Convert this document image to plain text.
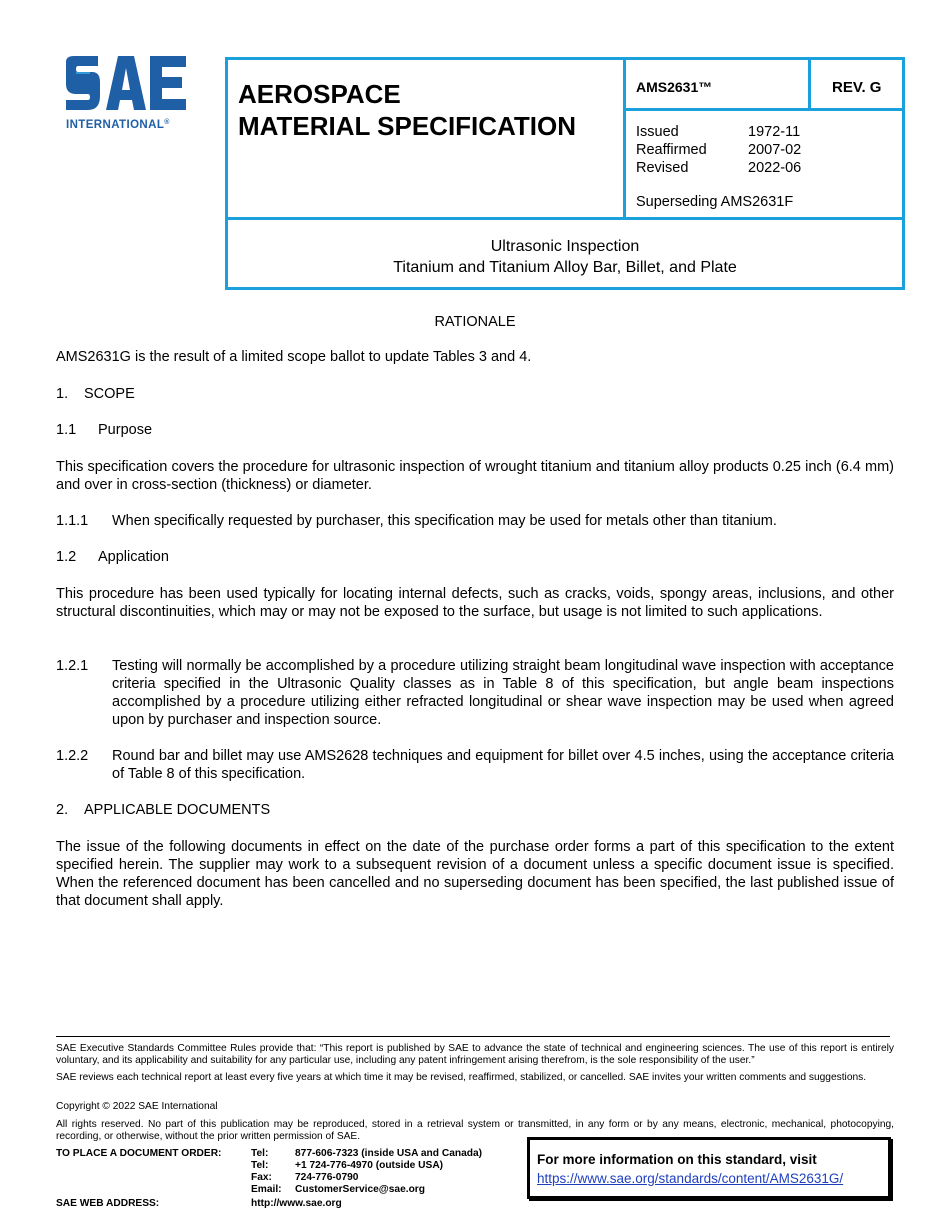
INTERNATIONAL®
AEROSPACE
MATERIAL SPECIFICATION
AMS2631™	REV. G
Issued	1972-11
Reaffirmed	2007-02
Revised	2022-06
Superseding AMS2631F
Ultrasonic Inspection
Titanium and Titanium Alloy Bar, Billet, and Plate
RATIONALE
AMS2631G is the result of a limited scope ballot to update Tables 3 and 4.
1. SCOPE
1.1 Purpose
This specification covers the procedure for ultrasonic inspection of wrought titanium and titanium alloy products 0.25 inch (6.4 mm) and over in cross-section (thickness) or diameter.
1.1.1 When specifically requested by purchaser, this specification may be used for metals other than titanium.
1.2 Application
This procedure has been used typically for locating internal defects, such as cracks, voids, spongy areas, inclusions, and other structural discontinuities, which may or may not be exposed to the surface, but usage is not limited to such applications.
1.2.1 Testing will normally be accomplished by a procedure utilizing straight beam longitudinal wave inspection with acceptance criteria specified in the Ultrasonic Quality classes as in Table 8 of this specification, but angle beam inspections accomplished by a procedure utilizing either refracted longitudinal or shear wave inspection may be used when agreed upon by purchaser and inspection source.
1.2.2 Round bar and billet may use AMS2628 techniques and equipment for billet over 4.5 inches, using the acceptance criteria of Table 8 of this specification.
2. APPLICABLE DOCUMENTS
The issue of the following documents in effect on the date of the purchase order forms a part of this specification to the extent specified herein. The supplier may work to a subsequent revision of a document unless a specific document issue is specified. When the referenced document has been cancelled and no superseding document has been specified, the last published issue of that document shall apply.
SAE Executive Standards Committee Rules provide that: “This report is published by SAE to advance the state of technical and engineering sciences. The use of this report is entirely voluntary, and its applicability and suitability for any particular use, including any patent infringement arising therefrom, is the sole responsibility of the user.”
SAE reviews each technical report at least every five years at which time it may be revised, reaffirmed, stabilized, or cancelled. SAE invites your written comments and suggestions.
Copyright © 2022 SAE International
All rights reserved. No part of this publication may be reproduced, stored in a retrieval system or transmitted, in any form or by any means, electronic, mechanical, photocopying, recording, or otherwise, without the prior written permission of SAE.
TO PLACE A DOCUMENT ORDER:	Tel:	877-606-7323 (inside USA and Canada)
Tel:	+1 724-776-4970 (outside USA)
Fax: 724-776-0790
Email: CustomerService@sae.org
SAE WEB ADDRESS:	http://www.sae.org
For more information on this standard, visit
https://www.sae.org/standards/content/AMS2631G/
